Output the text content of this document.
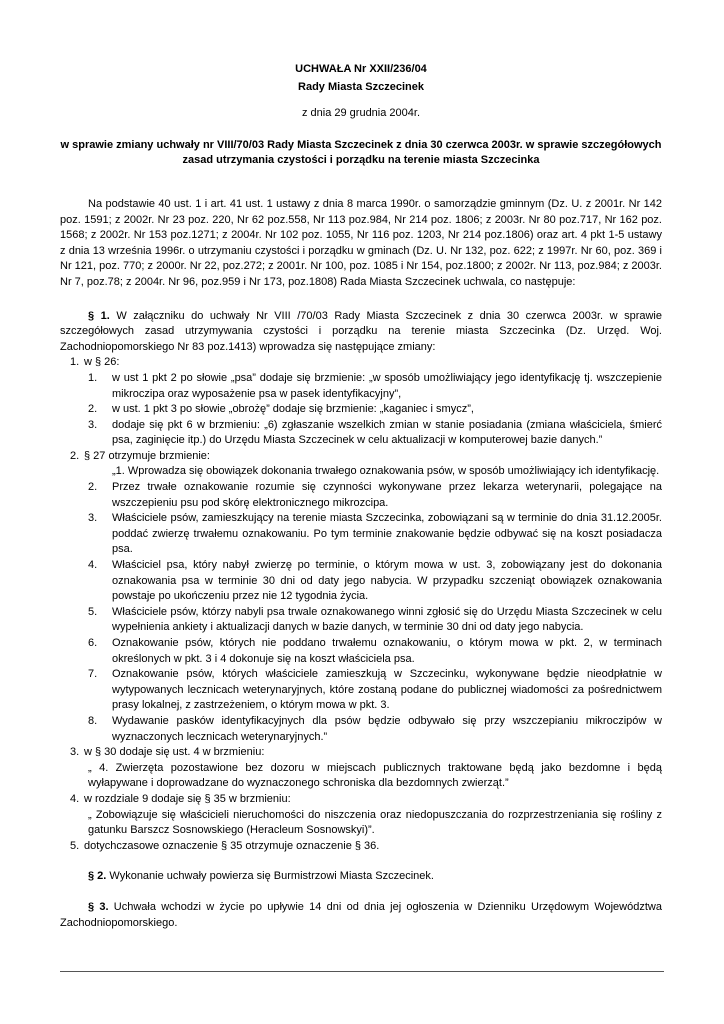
UCHWAŁA Nr XXII/236/04

Rady Miasta Szczecinek

z dnia 29 grudnia 2004r.

w sprawie zmiany uchwały nr VIII/70/03 Rady Miasta Szczecinek z dnia 30 czerwca 2003r. w sprawie szczegółowych zasad utrzymania czystości i porządku na terenie miasta Szczecinka

Na podstawie 40 ust. 1 i art. 41 ust. 1 ustawy z dnia 8 marca 1990r. o samorządzie gminnym (Dz. U. z 2001r. Nr 142 poz. 1591; z 2002r. Nr 23 poz. 220, Nr 62 poz.558, Nr 113 poz.984, Nr 214 poz. 1806; z 2003r. Nr 80 poz.717, Nr 162 poz. 1568; z 2002r. Nr 153 poz.1271; z 2004r. Nr 102 poz. 1055, Nr 116 poz. 1203, Nr 214 poz.1806) oraz art. 4 pkt 1-5 ustawy z dnia 13 września 1996r. o utrzymaniu czystości i porządku w gminach (Dz. U. Nr 132, poz. 622; z 1997r. Nr 60, poz. 369 i Nr 121, poz. 770; z 2000r. Nr 22, poz.272; z 2001r. Nr 100, poz. 1085 i Nr 154, poz.1800; z 2002r. Nr 113, poz.984; z 2003r. Nr 7, poz.78; z 2004r. Nr 96, poz.959 i Nr 173, poz.1808) Rada Miasta Szczecinek uchwala, co następuje:

§ 1. W załączniku do uchwały Nr VIII /70/03 Rady Miasta Szczecinek z dnia 30 czerwca 2003r. w sprawie szczegółowych zasad utrzymywania czystości i porządku na terenie miasta Szczecinka (Dz. Urzęd. Woj. Zachodniopomorskiego Nr 83 poz.1413) wprowadza się następujące zmiany:

1. w § 26:
1. w ust 1 pkt 2 po słowie „psa” dodaje się brzmienie: „w sposób umożliwiający jego identyfikację tj. wszczepienie mikroczipa oraz wyposażenie psa w pasek identyfikacyjny”,
2. w ust. 1 pkt 3 po słowie „obrożę” dodaje się brzmienie: „kaganiec i smycz”,
3. dodaje się pkt 6 w brzmieniu: „6) zgłaszanie wszelkich zmian w stanie posiadania (zmiana właściciela, śmierć psa, zaginięcie itp.) do Urzędu Miasta Szczecinek w celu aktualizacji w komputerowej bazie danych.”
2. § 27 otrzymuje brzmienie:
„1. Wprowadza się obowiązek dokonania trwałego oznakowania psów, w sposób umożliwiający ich identyfikację.
2. Przez trwałe oznakowanie rozumie się czynności wykonywane przez lekarza weterynarii, polegające na wszczepieniu psu pod skórę elektronicznego mikrozcipa.
3. Właściciele psów, zamieszkujący na terenie miasta Szczecinka, zobowiązani są w terminie do dnia 31.12.2005r. poddać zwierzę trwałemu oznakowaniu. Po tym terminie znakowanie będzie odbywać się na koszt posiadacza psa.
4. Właściciel psa, który nabył zwierzę po terminie, o którym mowa w ust. 3, zobowiązany jest do dokonania oznakowania psa w terminie 30 dni od daty jego nabycia. W przypadku szczeniąt obowiązek oznakowania powstaje po ukończeniu przez nie 12 tygodnia życia.
5. Właściciele psów, którzy nabyli psa trwale oznakowanego winni zgłosić się do Urzędu Miasta Szczecinek w celu wypełnienia ankiety i aktualizacji danych w bazie danych, w terminie 30 dni od daty jego nabycia.
6. Oznakowanie psów, których nie poddano trwałemu oznakowaniu, o którym mowa w pkt. 2, w terminach określonych w pkt. 3 i 4 dokonuje się na koszt właściciela psa.
7. Oznakowanie psów, których właściciele zamieszkują w Szczecinku, wykonywane będzie nieodpłatnie w wytypowanych lecznicach weterynaryjnych, które zostaną podane do publicznej wiadomości za pośrednictwem prasy lokalnej, z zastrzeżeniem, o którym mowa w pkt. 3.
8. Wydawanie pasków identyfikacyjnych dla psów będzie odbywało się przy wszczepianiu mikroczipów w wyznaczonych lecznicach weterynaryjnych.”
3. w § 30 dodaje się ust. 4 w brzmieniu:
„ 4. Zwierzęta pozostawione bez dozoru w miejscach publicznych traktowane będą jako bezdomne i będą wyłapywane i doprowadzane do wyznaczonego schroniska dla bezdomnych zwierząt.”
4. w rozdziale 9 dodaje się § 35 w brzmieniu:
„ Zobowiązuje się właścicieli nieruchomości do niszczenia oraz niedopuszczania do rozprzestrzeniania się rośliny z gatunku Barszcz Sosnowskiego (Heracleum Sosnowskyi)”.
5. dotychczasowe oznaczenie § 35 otrzymuje oznaczenie § 36.

§ 2. Wykonanie uchwały powierza się Burmistrzowi Miasta Szczecinek.

§ 3. Uchwała wchodzi w życie po upływie 14 dni od dnia jej ogłoszenia w Dzienniku Urzędowym Województwa Zachodniopomorskiego.
